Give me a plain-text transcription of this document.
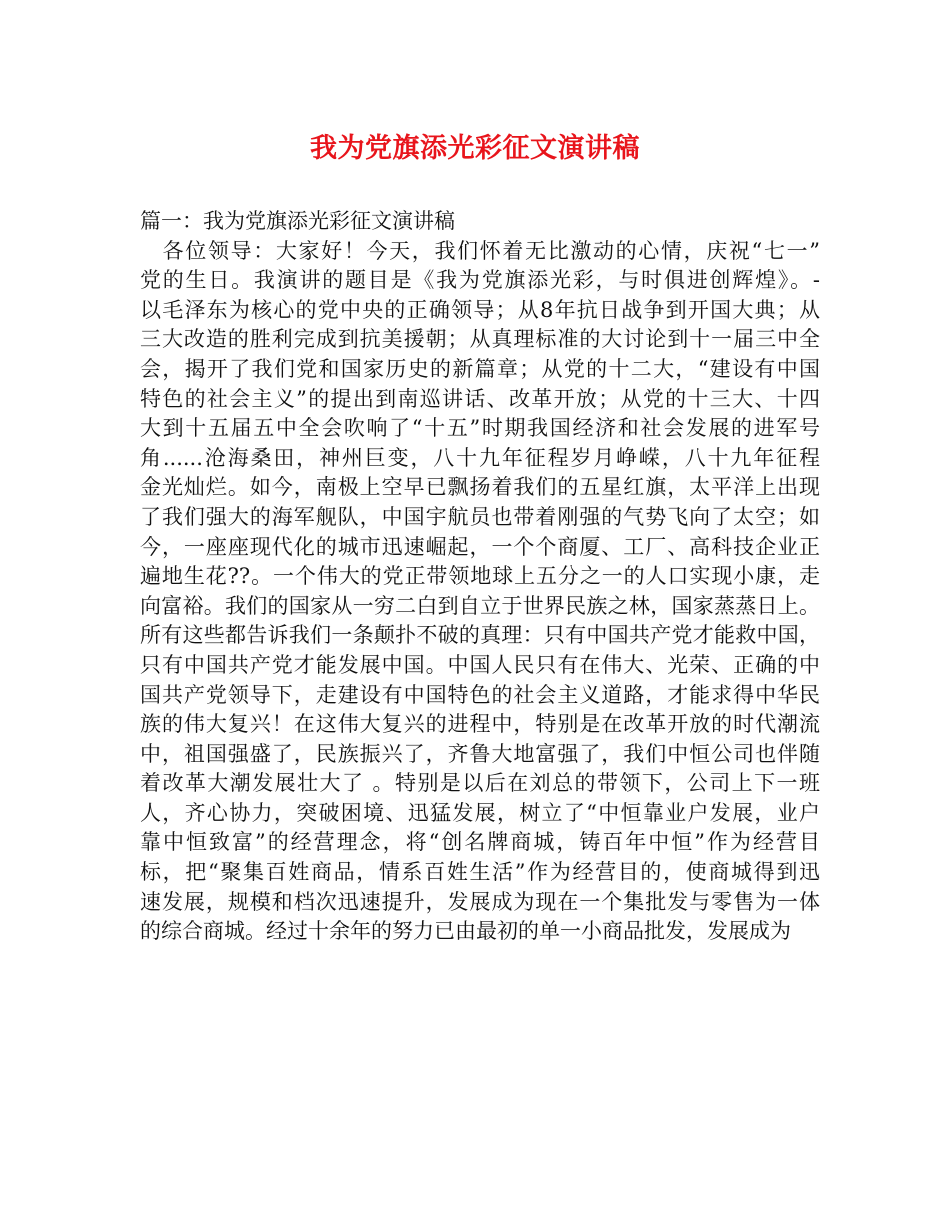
我为党旗添光彩征文演讲稿
篇一：我为党旗添光彩征文演讲稿
　各位领导：大家好！今天，我们怀着无比激动的心情，庆祝“七一”
党的生日。我演讲的题目是《我为党旗添光彩，与时俱进创辉煌》。-
以毛泽东为核心的党中央的正确领导；从8年抗日战争到开国大典；从
三大改造的胜利完成到抗美援朝；从真理标准的大讨论到十一届三中全
会，揭开了我们党和国家历史的新篇章；从党的十二大，“建设有中国
特色的社会主义”的提出到南巡讲话、改革开放；从党的十三大、十四
大到十五届五中全会吹响了“十五”时期我国经济和社会发展的进军号
角......沧海桑田，神州巨变，八十九年征程岁月峥嵘，八十九年征程
金光灿烂。如今，南极上空早已飘扬着我们的五星红旗，太平洋上出现
了我们强大的海军舰队，中国宇航员也带着刚强的气势飞向了太空；如
今，一座座现代化的城市迅速崛起，一个个商厦、工厂、高科技企业正
遍地生花??。一个伟大的党正带领地球上五分之一的人口实现小康，走
向富裕。我们的国家从一穷二白到自立于世界民族之林，国家蒸蒸日上。
所有这些都告诉我们一条颠扑不破的真理：只有中国共产党才能救中国，
只有中国共产党才能发展中国。中国人民只有在伟大、光荣、正确的中
国共产党领导下，走建设有中国特色的社会主义道路，才能求得中华民
族的伟大复兴！在这伟大复兴的进程中，特别是在改革开放的时代潮流
中，祖国强盛了，民族振兴了，齐鲁大地富强了，我们中恒公司也伴随
着改革大潮发展壮大了 。特别是以后在刘总的带领下，公司上下一班
人，齐心协力，突破困境、迅猛发展，树立了“中恒靠业户发展，业户
靠中恒致富”的经营理念，将“创名牌商城，铸百年中恒”作为经营目
标，把“聚集百姓商品，情系百姓生活”作为经营目的，使商城得到迅
速发展，规模和档次迅速提升，发展成为现在一个集批发与零售为一体
的综合商城。经过十余年的努力已由最初的单一小商品批发，发展成为
